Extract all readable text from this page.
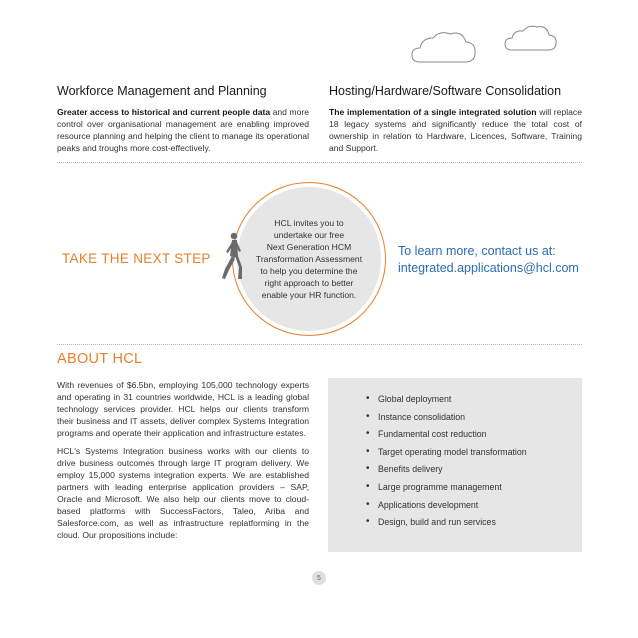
Workforce Management and Planning
Greater access to historical and current people data and more control over organisational management are enabling improved resource planning and helping the client to manage its operational peaks and troughs more cost-effectively.
Hosting/Hardware/Software Consolidation
The implementation of a single integrated solution will replace 18 legacy systems and significantly reduce the total cost of ownership in relation to Hardware, Licences, Software, Training and Support.
TAKE THE NEXT STEP
HCL invites you to
undertake our free
Next Generation HCM
Transformation Assessment
to help you determine the
right approach to better
enable your HR function.
To learn more, contact us at:
integrated.applications@hcl.com
ABOUT HCL

With revenues of $6.5bn, employing 105,000 technology experts and operating in 31 countries worldwide, HCL is a leading global technology services provider. HCL helps our clients transform their business and IT assets, deliver complex Systems Integration programs and operate their application and infrastructure estates.

HCL's Systems Integration business works with our clients to drive business outcomes through large IT program delivery. We employ 15,000 systems integration experts. We are established partners with leading enterprise application providers – SAP, Oracle and Microsoft. We also help our clients move to cloud-based platforms with SuccessFactors, Taleo, Ariba and Salesforce.com, as well as infrastructure replatforming in the cloud. Our propositions include:

• Global deployment
• Instance consolidation
• Fundamental cost reduction
• Target operating model transformation
• Benefits delivery
• Large programme management
• Applications development
• Design, build and run services
5
